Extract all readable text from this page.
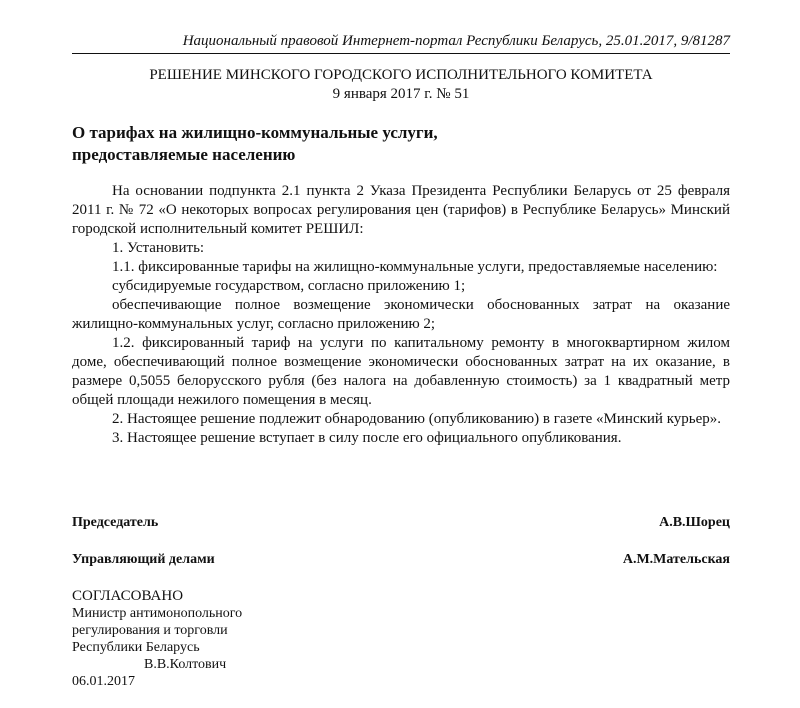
Национальный правовой Интернет-портал Республики Беларусь, 25.01.2017, 9/81287
РЕШЕНИЕ МИНСКОГО ГОРОДСКОГО ИСПОЛНИТЕЛЬНОГО КОМИТЕТА
9 января 2017 г. № 51
О тарифах на жилищно-коммунальные услуги,
предоставляемые населению

На основании подпункта 2.1 пункта 2 Указа Президента Республики Беларусь от 25 февраля 2011 г. № 72 «О некоторых вопросах регулирования цен (тарифов) в Республике Беларусь» Минский городской исполнительный комитет РЕШИЛ:

1. Установить:

1.1. фиксированные тарифы на жилищно-коммунальные услуги, предоставляемые населению:

субсидируемые государством, согласно приложению 1;

обеспечивающие полное возмещение экономически обоснованных затрат на оказание жилищно-коммунальных услуг, согласно приложению 2;

1.2. фиксированный тариф на услуги по капитальному ремонту в многоквартирном жилом доме, обеспечивающий полное возмещение экономически обоснованных затрат на их оказание, в размере 0,5055 белорусского рубля (без налога на добавленную стоимость) за 1 квадратный метр общей площади нежилого помещения в месяц.

2. Настоящее решение подлежит обнародованию (опубликованию) в газете «Минский курьер».

3. Настоящее решение вступает в силу после его официального опубликования.

Председатель	А.В.Шорец
Управляющий делами	А.М.Мательская
СОГЛАСОВАНО
Министр антимонопольного
регулирования и торговли
Республики Беларусь
В.В.Колтович
06.01.2017
